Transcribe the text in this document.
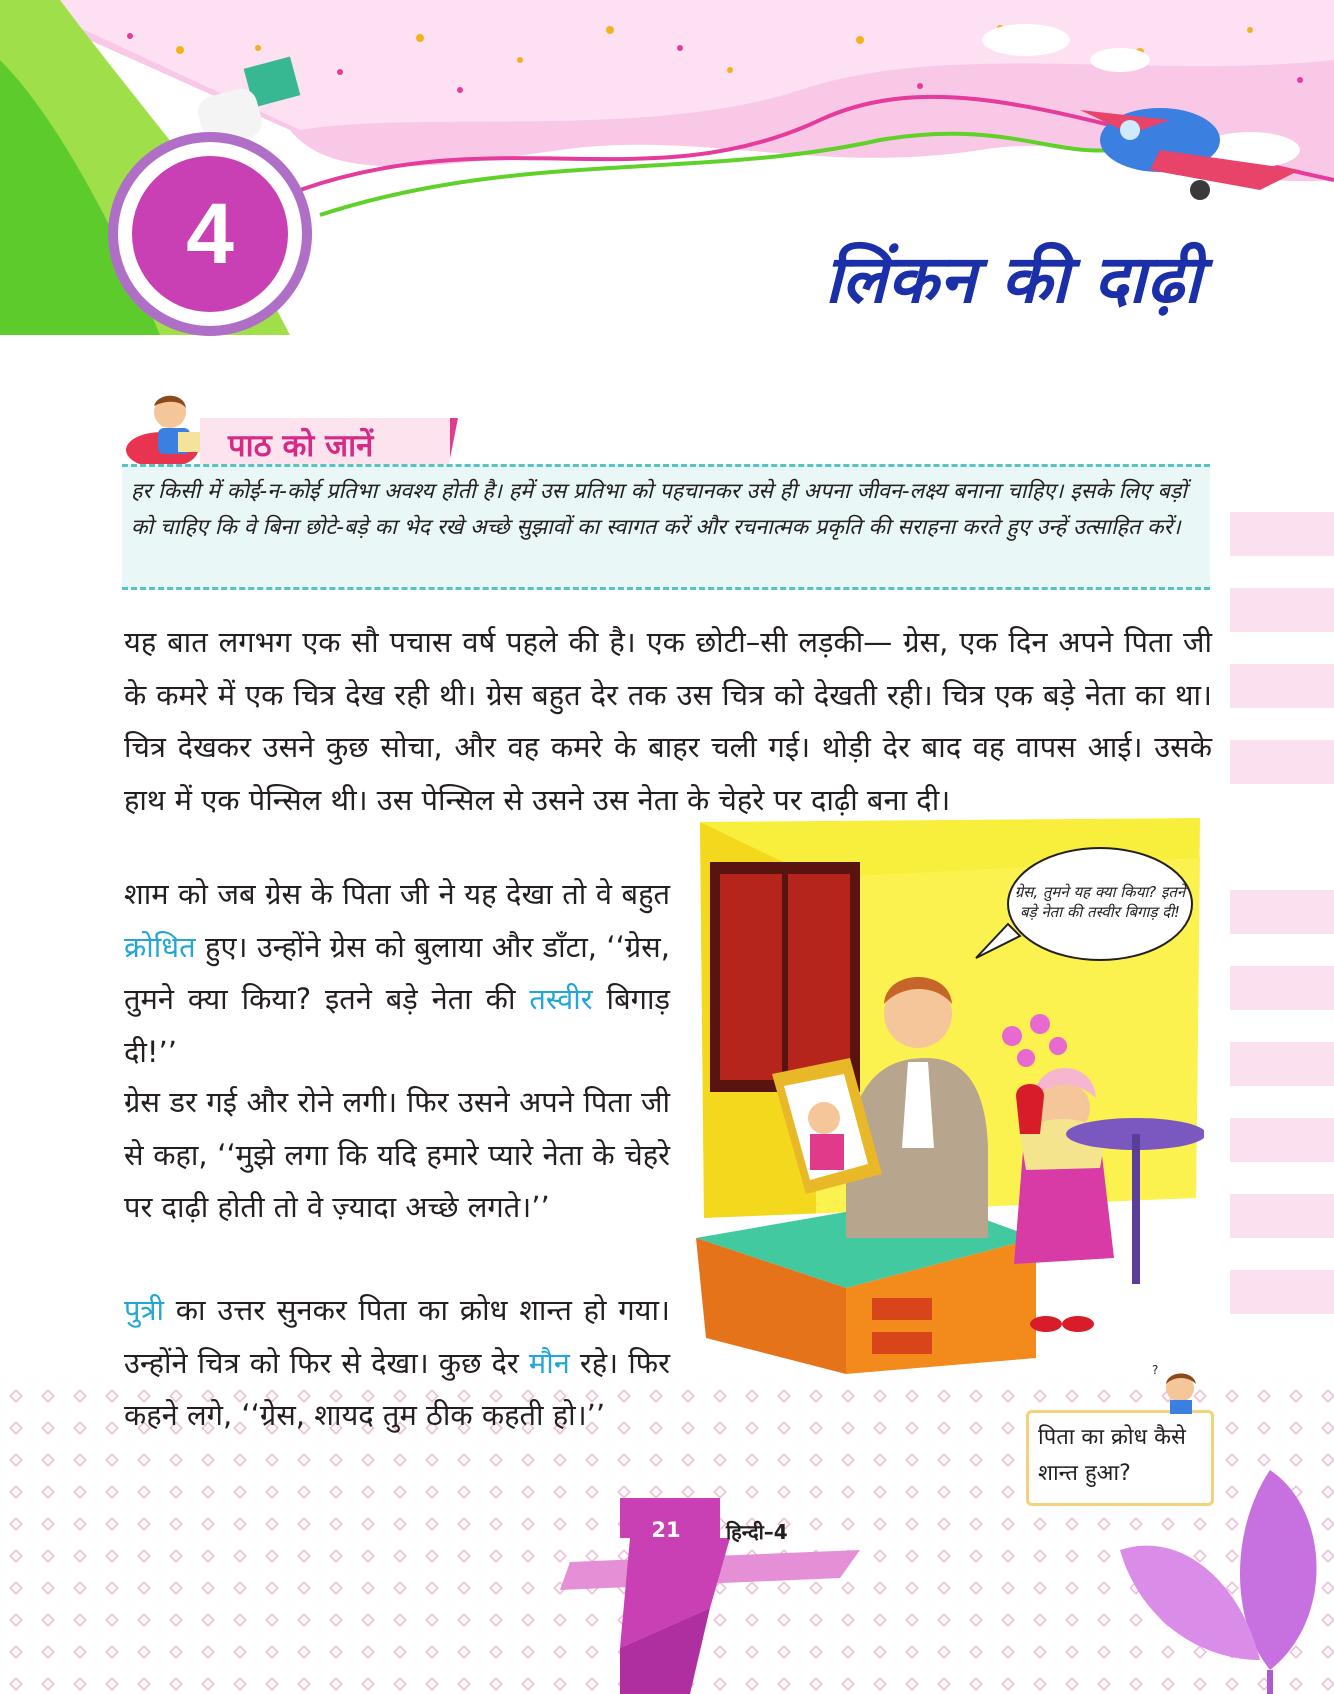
4	लिंकन की दाढ़ी
पाठ को जानें
हर किसी में कोई-न-कोई प्रतिभा अवश्य होती है। हमें उस प्रतिभा को पहचानकर उसे ही अपना जीवन-लक्ष्य बनाना चाहिए। इसके लिए बड़ों को चाहिए कि वे बिना छोटे-बड़े का भेद रखे अच्छे सुझावों का स्वागत करें और रचनात्मक प्रकृति की सराहना करते हुए उन्हें उत्साहित करें।
यह बात लगभग एक सौ पचास वर्ष पहले की है। एक छोटी–सी लड़की— ग्रेस, एक दिन अपने पिता जी के कमरे में एक चित्र देख रही थी। ग्रेस बहुत देर तक उस चित्र को देखती रही। चित्र एक बड़े नेता का था। चित्र देखकर उसने कुछ सोचा, और वह कमरे के बाहर चली गई। थोड़ी देर बाद वह वापस आई। उसके हाथ में एक पेन्सिल थी। उस पेन्सिल से उसने उस नेता के चेहरे पर दाढ़ी बना दी।
शाम को जब ग्रेस के पिता जी ने यह देखा तो वे बहुत क्रोधित हुए। उन्होंने ग्रेस को बुलाया और डाँटा, ‘‘ग्रेस, तुमने क्या किया? इतने बड़े नेता की तस्वीर बिगाड़ दी!’’
ग्रेस डर गई और रोने लगी। फिर उसने अपने पिता जी से कहा, ‘‘मुझे लगा कि यदि हमारे प्यारे नेता के चेहरे पर दाढ़ी होती तो वे ज़्यादा अच्छे लगते।’’
पुत्री का उत्तर सुनकर पिता का क्रोध शान्त हो गया। उन्होंने चित्र को फिर से देखा। कुछ देर मौन रहे। फिर कहने लगे, ‘‘ग्रेस, शायद तुम ठीक कहती हो।’’
ग्रेस, तुमने यह क्या किया? इतने बड़े नेता की तस्वीर बिगाड़ दी!
पिता का क्रोध कैसे शान्त हुआ?
?
21 हिन्दी–4
